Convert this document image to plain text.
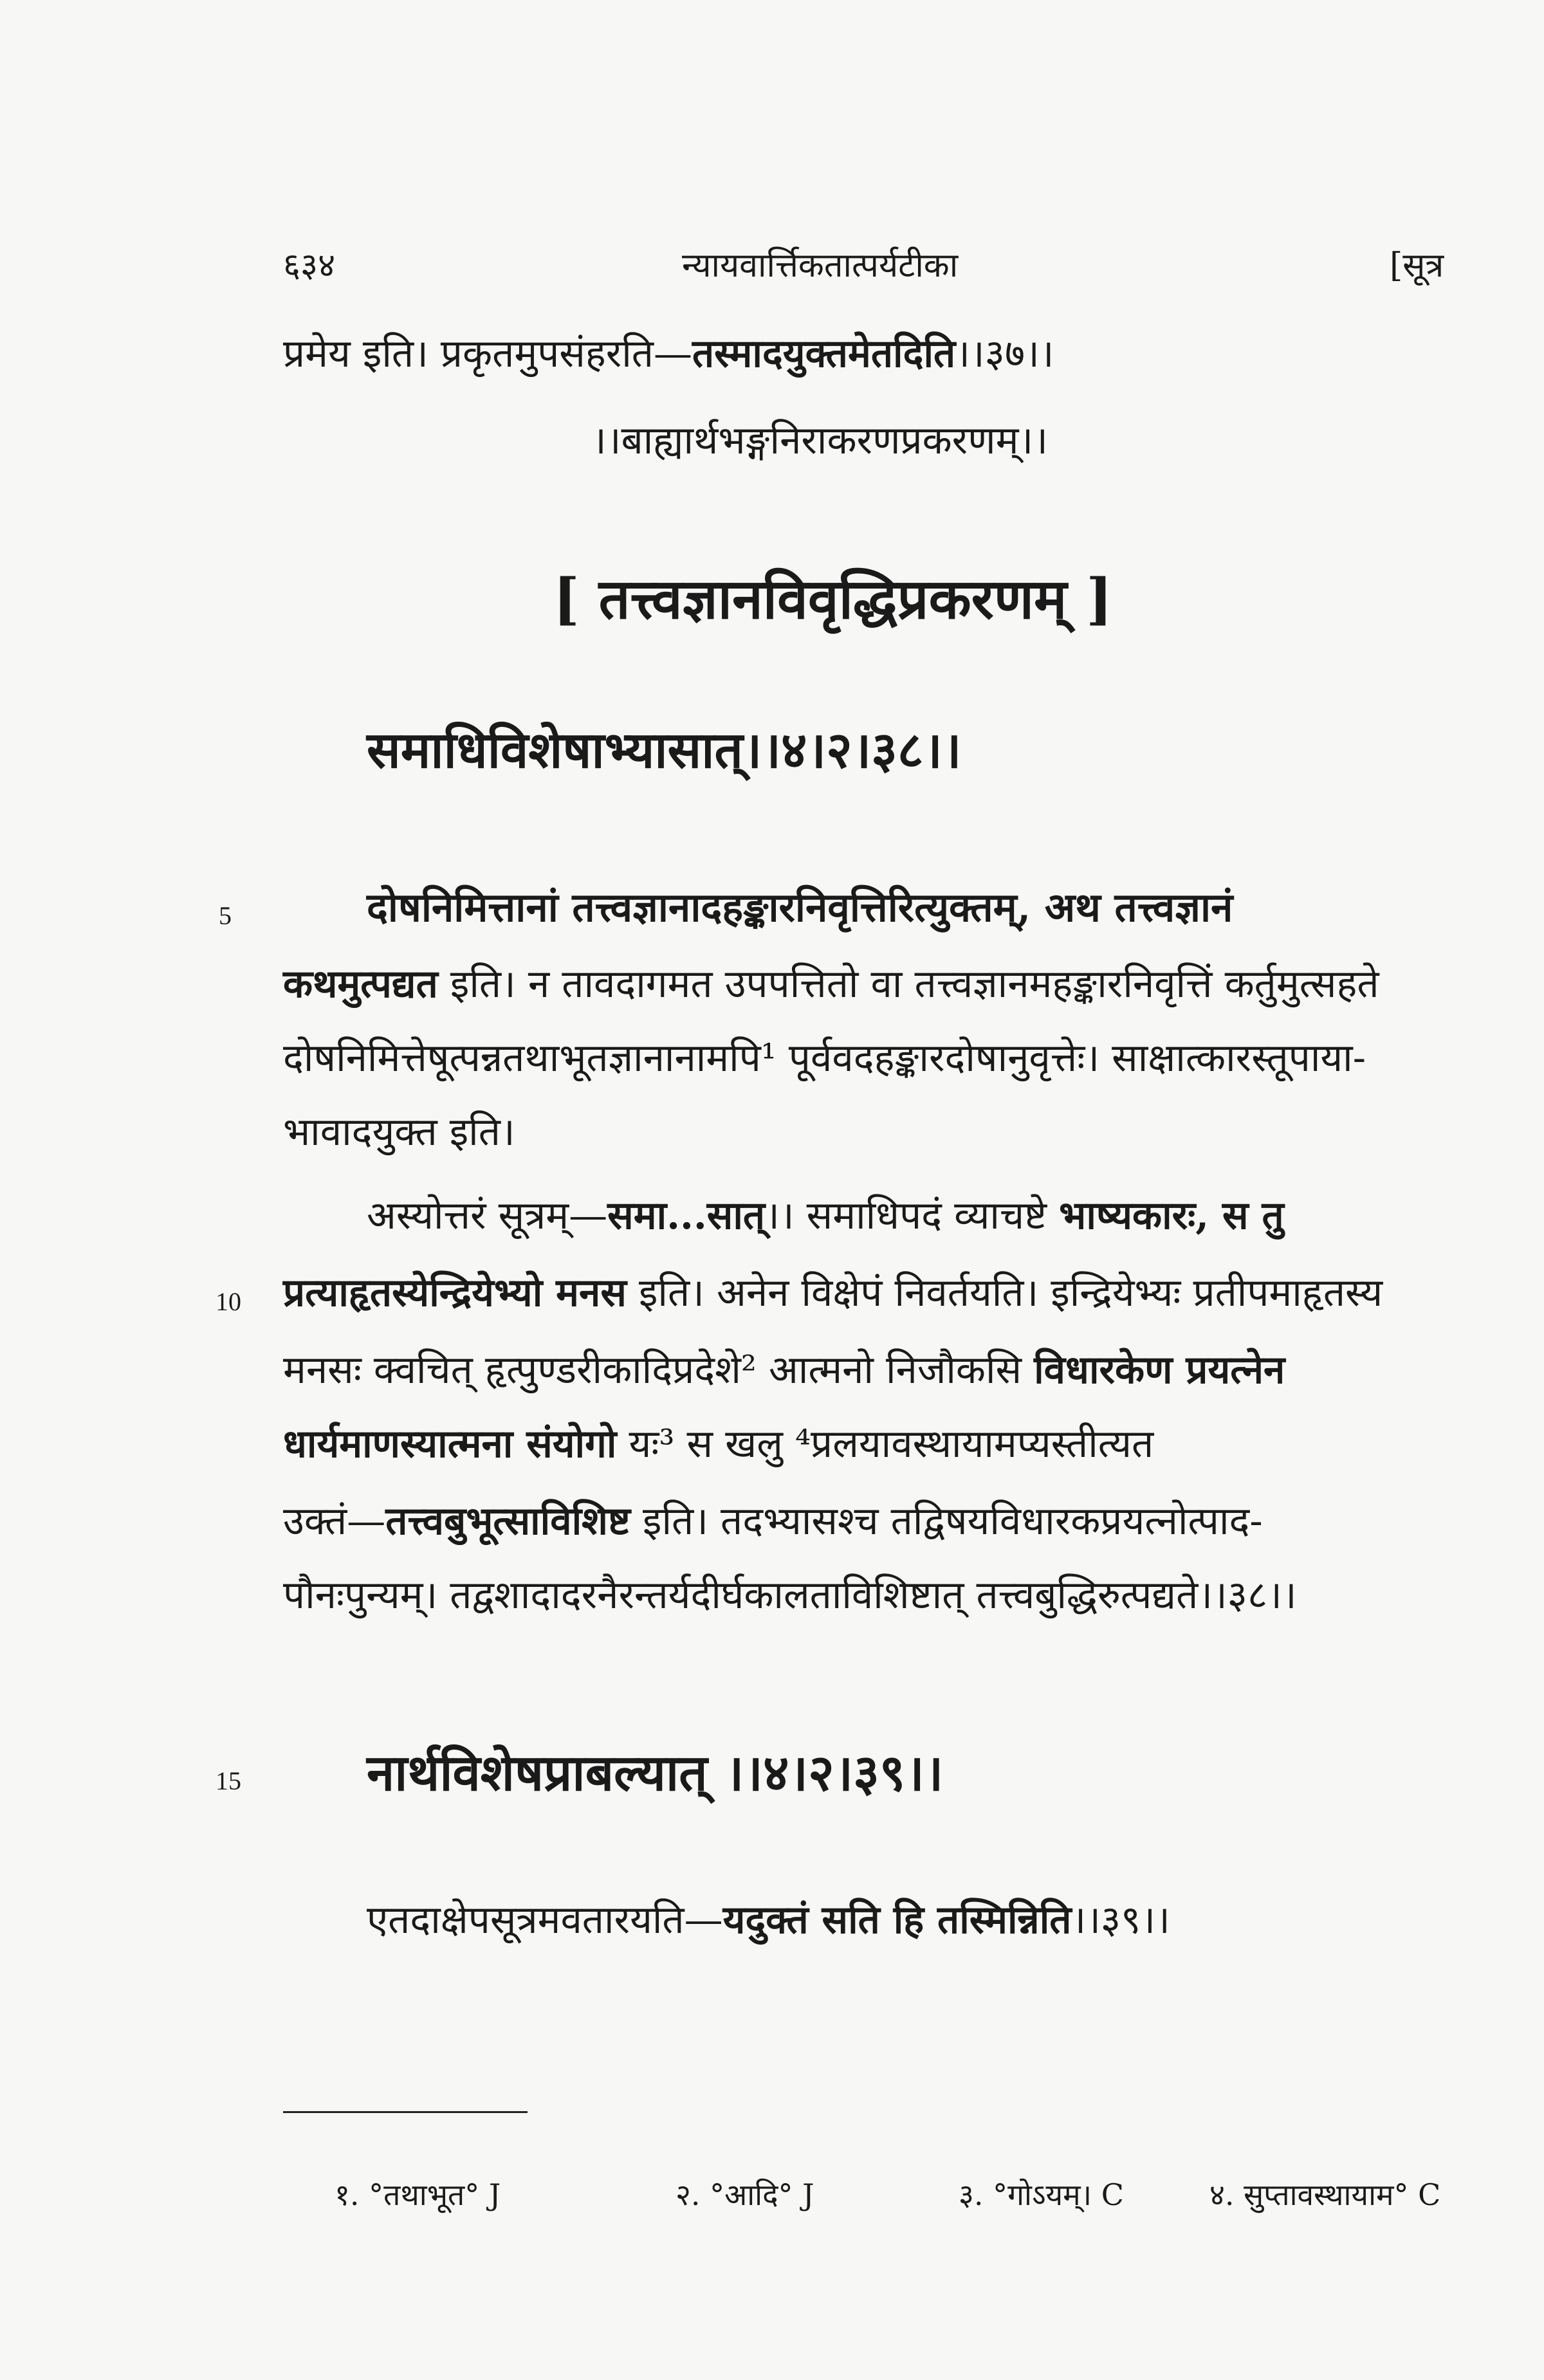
६३४	न्यायवार्त्तिकतात्पर्यटीका	[सूत्र
प्रमेय इति। प्रकृतमुपसंहरति—तस्मादयुक्तमेतदिति।।३७।।
।।बाह्यार्थभङ्गनिराकरणप्रकरणम्।।
[ तत्त्वज्ञानविवृद्धिप्रकरणम् ]
समाधिविशेषाभ्यासात्।।४।२।३८।।
5	दोषनिमित्तानां तत्त्वज्ञानादहङ्कारनिवृत्तिरित्युक्तम्, अथ तत्त्वज्ञानं
कथमुत्पद्यत इति। न तावदागमत उपपत्तितो वा तत्त्वज्ञानमहङ्कारनिवृत्तिं कर्तुमुत्सहते
दोषनिमित्तेषूत्पन्नतथाभूतज्ञानानामपि¹ पूर्ववदहङ्कारदोषानुवृत्तेः। साक्षात्कारस्तूपाया-
भावादयुक्त इति।
अस्योत्तरं सूत्रम्—समा...सात्।। समाधिपदं व्याचष्टे भाष्यकारः, स तु
10 प्रत्याहृतस्येन्द्रियेभ्यो मनस इति। अनेन विक्षेपं निवर्तयति। इन्द्रियेभ्यः प्रतीपमाहृतस्य
मनसः क्वचित् हृत्पुण्डरीकादिप्रदेशे² आत्मनो निजौकसि विधारकेण प्रयत्नेन
धार्यमाणस्यात्मना संयोगो यः³ स खलु ⁴प्रलयावस्थायामप्यस्तीत्यत
उक्तं—तत्त्वबुभूत्साविशिष्ट इति। तदभ्यासश्च तद्विषयविधारकप्रयत्नोत्पाद-
पौनःपुन्यम्। तद्वशादादरनैरन्तर्यदीर्घकालताविशिष्टात् तत्त्वबुद्धिरुत्पद्यते।।३८।।
15	नार्थविशेषप्राबल्यात् ।।४।२।३९।।
एतदाक्षेपसूत्रमवतारयति—यदुक्तं सति हि तस्मिन्निति।।३९।।
१. °तथाभूत° J	२. °आदि° J	३. °गोऽयम्। C	४. सुप्तावस्थायाम° C
